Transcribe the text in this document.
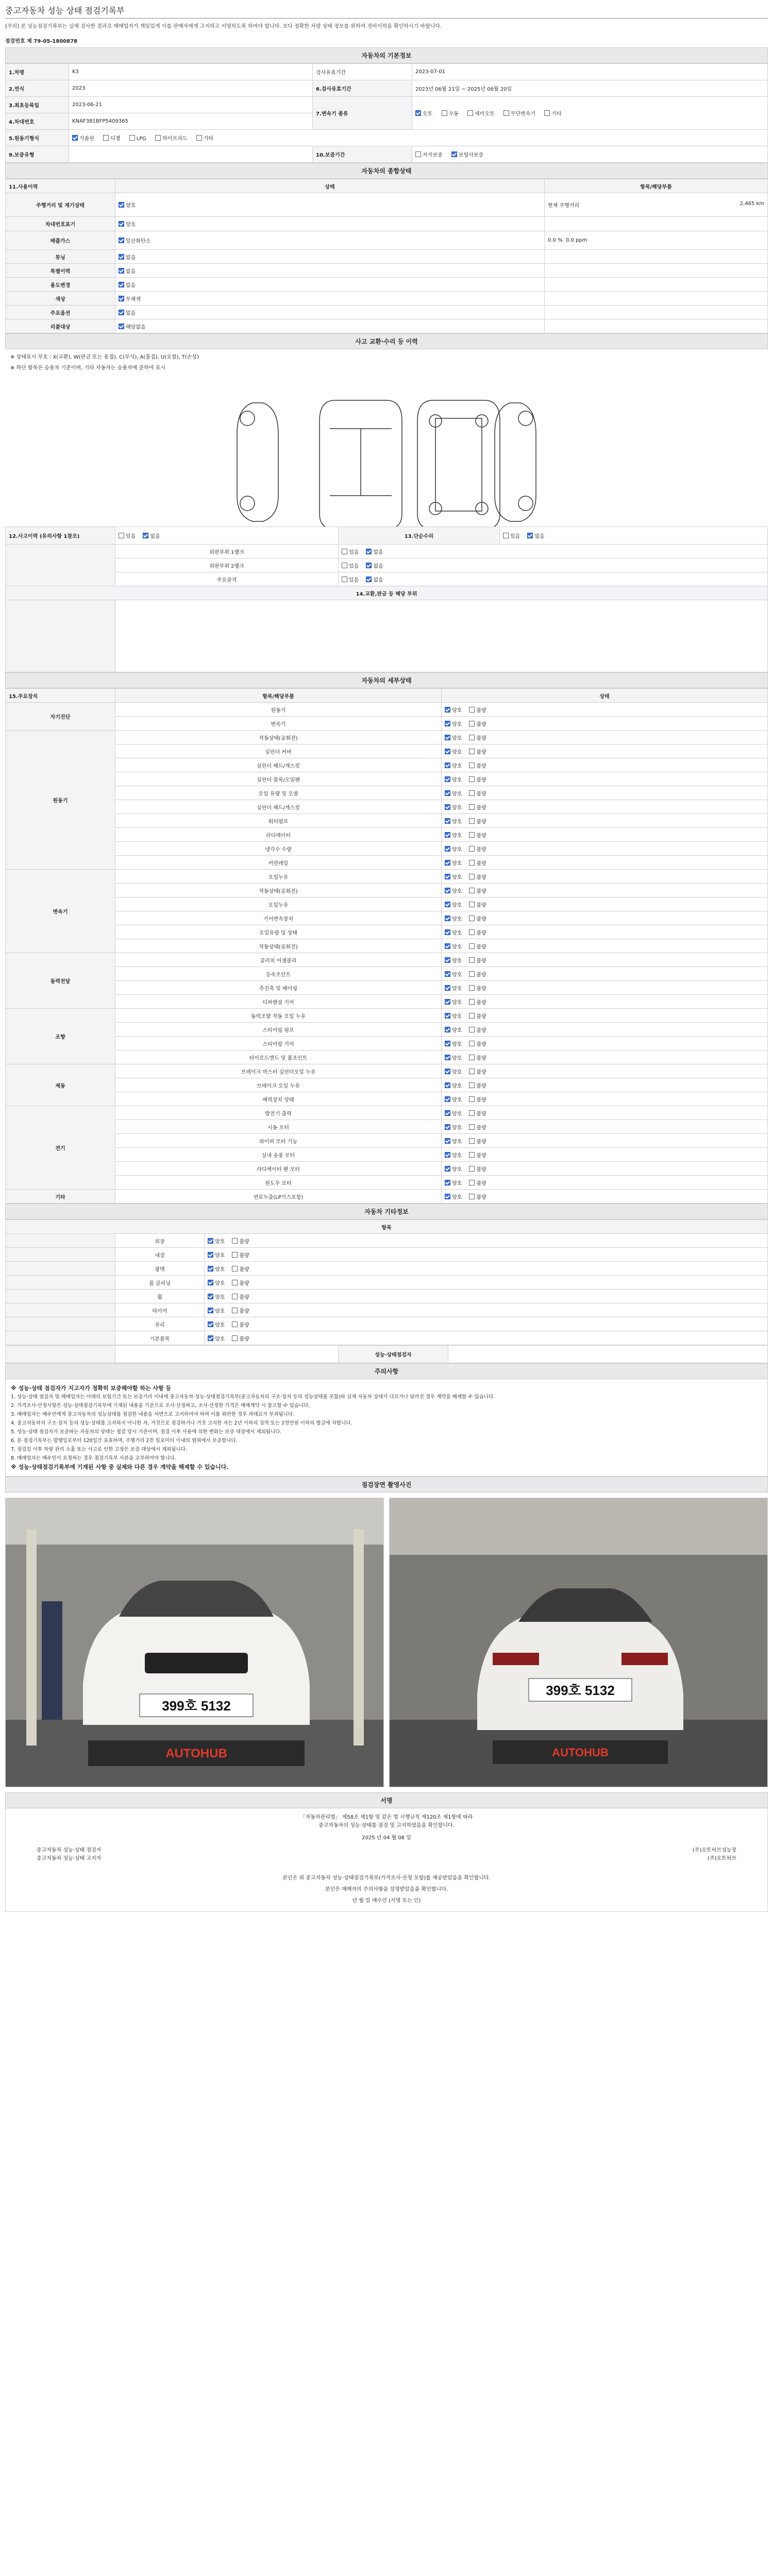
중고자동차 성능 상태 점검기록부
[주의] 본 성능점검기록부는 실제 검사한 결과로 매매업자가 책임있게 이를 판매자에게 고지하고 서명하도록 하여야 합니다. 보다 정확한 차량 상태 정보를 위하여 정비이력을 확인하시기 바랍니다.
점검번호 제 79-05-1800878
자동차의 기본정보
1.차명	K3	검사유효기간	2023-07-01
2.연식	2023	6.검사유효기간	2023년 06월 21일 ~ 2025년 06월 20일
3.최초등록일	2023-06-21	7.변속기 종류	오토 수동 세미오토 무단변속기 기타
4.차대번호	KNAF381BFP5409365		
5.원동기형식	가솔린 디젤 LPG 하이브리드 기타		
9.보증유형		10.보증기간	자가보증 보험사보증
자동차의 종합상태
11.사용이력	상태	항목/해당부품
주행거리 및 계기상태	양호	현재 주행거리 2,465 km

차대번호표기	양호	
배출가스	일산화탄소	0.0 % 0.0 ppm
튜닝	없음	
특별이력	없음	
용도변경	없음	
색상	무채색	
주요옵션	없음	
리콜대상	해당없음	
사고 교환·수리 등 이력
※ 상태표시 부호 : X(교환), W(판금 또는 용접), C(부식), A(흠집), U(요철), T(손상)
※ 하단 항목은 승용차 기준이며, 기타 자동차는 승용차에 준하여 표시
12.사고이력 (유의사항 1참조)	있음 없음	13.단순수리	있음 없음
	외판부위 1랭크	있음 없음	
	외판부위 2랭크	있음 없음	
	주요골격	있음 없음	
14.교환,판금 등 해당 부위			

자동차의 세부상태
15.주요장치	항목/해당부품	상태
자기진단	원동기	양호 불량
	변속기	양호 불량
원동기	작동상태(공회전)	양호 불량
	실린더 커버	양호 불량
	실린더 헤드/개스킷	양호 불량
	실린더 블록/오일팬	양호 불량
	오일 유량 및 오염	양호 불량
	실린더 헤드/개스킷	양호 불량
	워터펌프	양호 불량
	라디에이터	양호 불량
	냉각수 수량	양호 불량
	커먼레일	양호 불량
변속기	오일누유	양호 불량
	작동상태(공회전)	양호 불량
	오일누유	양호 불량
	기어변속장치	양호 불량
	오일유량 및 상태	양호 불량
	작동상태(공회전)	양호 불량
동력전달	클러치 어셈블리	양호 불량
	등속조인트	양호 불량
	추진축 및 베어링	양호 불량
	디퍼렌셜 기어	양호 불량
조향	동력조향 작동 오일 누유	양호 불량
	스티어링 펌프	양호 불량
	스티어링 기어	양호 불량
	타이로드엔드 및 볼조인트	양호 불량
제동	브레이크 마스터 실린더오일 누유	양호 불량
	브레이크 오일 누유	양호 불량
	배력장치 상태	양호 불량
전기	발전기 출력	양호 불량
	시동 모터	양호 불량
	와이퍼 모터 기능	양호 불량
	실내 송풍 모터	양호 불량
	라디에이터 팬 모터	양호 불량
	윈도우 모터	양호 불량
기타	연료누출(LP가스포함)	양호 불량
자동차 기타정보
항목		
	외장	양호 불량
	내장	양호 불량
	광택	양호 불량
	룸 클리닝	양호 불량
	휠	양호 불량
	타이어	양호 불량
	유리	양호 불량
	기본품목	양호 불량
		성능·상태점검자	
주의사항

※ 성능·상태 점검자가 지고자가 정확히 보증해야할 하는 사항 등

1. 성능·상태 점검자 및 매매업자는 아래의 보험기간 또는 보증거리 이내에 중고자동차 성능·상태점검기록부(중고자동차의 구조·장치 등의 성능상태를 포함)와 실제 자동차 상태가 다르거나 달라진 경우 계약을 해제할 수 있습니다.

2. 가격조사·산정사항은 성능·상태점검기록부에 기재된 내용을 기준으로 조사·산정하고, 조사·산정한 가격은 매매계약 시 참고할 수 있습니다.

3. 매매업자는 매수인에게 중고자동차의 성능상태를 점검한 내용을 서면으로 고지하여야 하며 이를 위반한 경우 과태료가 부과됩니다.

4. 중고자동차의 구조·장치 등의 성능·상태를 고지하지 아니한 자, 거짓으로 점검하거나 거짓 고지한 자는 2년 이하의 징역 또는 2천만원 이하의 벌금에 처합니다.

5. 성능·상태 점검자가 보증하는 자동차의 상태는 점검 당시 기준이며, 점검 이후 사용에 의한 변화는 보증 대상에서 제외됩니다.

6. 본 점검기록부는 발행일로부터 120일간 유효하며, 주행거리 2천 킬로미터 이내의 범위에서 보증합니다.

7. 점검일 이후 차량 관리 소홀 또는 사고로 인한 고장은 보증 대상에서 제외됩니다.

8. 매매업자는 매수인이 요청하는 경우 점검기록부 사본을 교부하여야 합니다.

※ 성능·상태점검기록부에 기재된 사항 중 실제와 다른 경우 계약을 해제할 수 있습니다.

점검장면 촬영사진
399호 5132
AUTOHUB
399호 5132
AUTOHUB
서명
「자동차관리법」 제58조 제1항 및 같은 법 시행규칙 제120조 제1항에 따라
중고자동차의 성능·상태를 점검 및 고지하였음을 확인합니다.
2025 년 04 월 08 일
중고자동차 성능·상태 점검자	(주)오토허브성능장
중고자동차 성능·상태 고지자	(주)오토허브
본인은 위 중고자동차 성능·상태점검기록부(가격조사·산정 포함)를 제공받았음을 확인합니다.
본인은 매매자의 주의사항을 설명받았음을 확인합니다.
년 월 일 매수인 (서명 또는 인)
